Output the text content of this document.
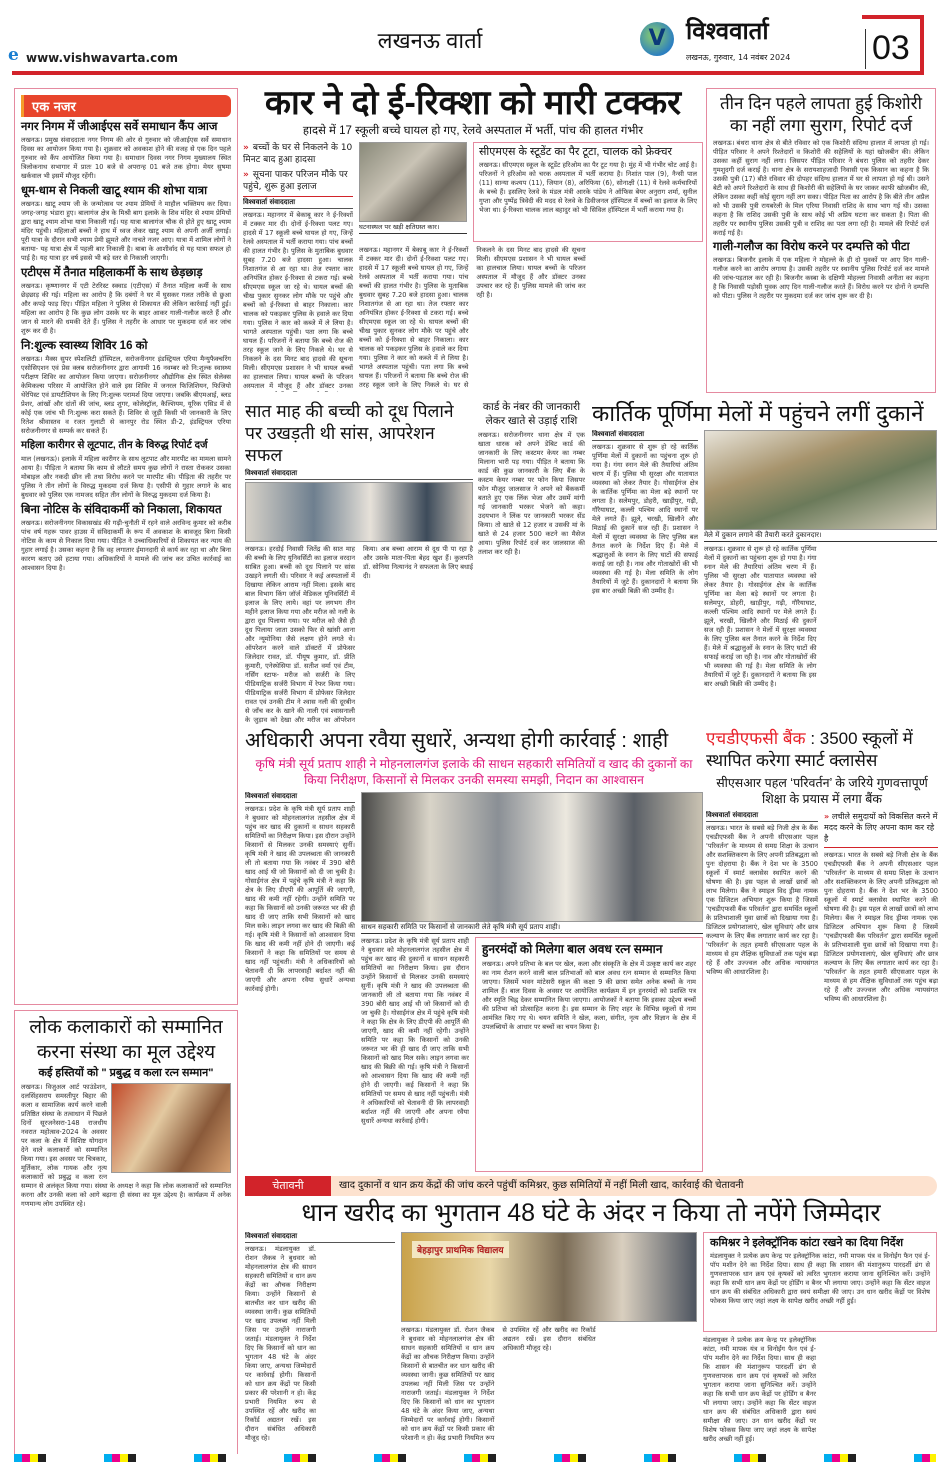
e www.vishwavarta.com
लखनऊ वार्ता	V विश्ववार्ता
लखनऊ, गुरुवार, 14 नवंबर 2024 03
एक नजर
नगर निगम में जीआईएस सर्वे समाधान कैंप आज
लखनऊ। प्रमुख संवाददाता नगर निगम की ओर से गुरुवार को जीआईएस सर्वे समाधान दिवस का आयोजन किया गया है। शुक्रवार को अवकाश होने की वजह से एक दिन पहले गुरुवार को कैंप आयोजित किया गया है। समाधान दिवस नगर निगम मुख्यालय स्थित त्रिलोकनाथ सभागार में प्रातः 10 बजे से अपरान्ह 01 बजे तक होगा। मेयर सुषमा खर्कवाल भी इसमें मौजूद रहेंगी।
धूम-धाम से निकली खाटू श्याम की शोभा यात्रा
लखनऊ। खाटू श्याम जी के जन्मोत्सव पर श्याम प्रेमियों ने माहौल भक्तिमय कर दिया। जगह-जगह भंडारा हुए। बालागंज क्षेत्र के मिश्री बाग इलाके के शिव मंदिर से श्याम प्रेमियों द्वारा खाटू श्याम शोभा यात्रा निकाली गई। यह यात्रा बालागंज चौक से होते हुए खाटू श्याम मंदिर पहुंची। महिलाओं बच्चों ने हाथ में ध्वज लेकर खाटू श्याम से अपनी अर्जी लगाई। पूरी यात्रा के दौरान सभी श्याम प्रेमी झूमते और नाचते नजर आए। यात्रा में शामिल लोगों ने बताया- यह यात्रा क्षेत्र में पहली बार निकाली है। बाबा के आशीर्वाद से यह यात्रा सफल हो पाई है। यह यात्रा हर वर्ष इससे भी बड़े स्तर से निकाली जाएगी।
एटीएस में तैनात महिलाकर्मी के साथ छेड़छाड़
लखनऊ। कृष्णानगर में एटी टेररिस्ट स्क्वाड (एटीएस) में तैनात महिला कर्मी के साथ छेड़छाड़ की गई। महिला का आरोप है कि दबंगों ने घर में घुसकर गलत तरीके से छुआ और कपड़े फाड़ दिए। पीड़ित महिला ने पुलिस से शिकायत की लेकिन कार्रवाई नहीं हुई। महिला का आरोप है कि कुछ लोग उसके घर के बाहर आकर गाली-गलौज करते हैं और जान से मारने की धमकी देते हैं। पुलिस ने तहरीर के आधार पर मुकदमा दर्ज कर जांच शुरू कर दी है।
नि:शुल्क स्वास्थ्य शिविर 16 को
लखनऊ। मैक्स सुपर स्पेशलिटी हॉस्पिटल, सरोजनीनगर इंडस्ट्रियल एरिया मैन्युफैक्चरिंग एसोसिएशन एवं प्रेस क्लब सरोजनीनगर द्वारा आगामी 16 नवम्बर को नि:शुल्क स्वास्थ्य परीक्षण शिविर का आयोजन किया जाएगा। सरोजनीनगर औद्योगिक क्षेत्र स्थित सेलेक्स केमिकल्स परिसर में आयोजित होने वाले इस शिविर में जनरल फिजिशियन, फिजियो थेरेपिस्ट एवं डायटीशियन के लिए नि:शुल्क परामर्श दिया जाएगा। जबकि बीएमआई, ब्लड प्रेशर, आंखों और दांतों की जांच, ब्लड शुगर, कोलेस्ट्रॉल, कैल्शियम, यूरिक एसिड में से कोई एक जांच भी नि:शुल्क करा सकते हैं। शिविर से जुड़ी किसी भी जानकारी के लिए रितेश श्रीवास्तव व रजत गुलाटी से कानपुर रोड स्थित डी-2, इंडस्ट्रियल एरिया सरोजनीनगर से सम्पर्क कर सकते हैं।
महिला कारीगर से लूटपाट, तीन के विरुद्ध रिपोर्ट दर्ज
माल (लखनऊ)। इलाके में महिला कारीगर के साथ लूटपाट और मारपीट का मामला सामने आया है। पीड़िता ने बताया कि काम से लौटते समय कुछ लोगों ने रास्ता रोककर उसका मोबाइल और नकदी छीन ली तथा विरोध करने पर मारपीट की। पीड़िता की तहरीर पर पुलिस ने तीन लोगों के विरुद्ध मुकदमा दर्ज किया है। एसीपी से गुहार लगाने के बाद बुधवार को पुलिस एक नामजद सहित तीन लोगों के विरुद्ध मुकदमा दर्ज किया है।
बिना नोटिस के संविदाकर्मी को निकाला, शिकायत
लखनऊ। सरोजनीनगर विकासखंड की गढ़ी-चुनौती में रहने वाले अरविन्द कुमार को करीब पांच वर्ष गहरू पावर हाउस में संविदाकर्मी के रूप में अवकाश के बावजूद बिना किसी नोटिस के काम से निकाल दिया गया। पीड़ित ने उच्चाधिकारियों से शिकायत कर न्याय की गुहार लगाई है। उसका कहना है कि वह लगातार ईमानदारी से कार्य कर रहा था और बिना कारण बताए उसे हटाया गया। अधिकारियों ने मामले की जांच कर उचित कार्रवाई का आश्वासन दिया है।
लोक कलाकारों को सम्मानित करना संस्था का मूल उद्देश्य
कई हस्तियों को " प्रबुद्ध व कला रत्न सम्मान"
लखनऊ। विजुअल आर्ट फाउंडेशन, दलसिंहसराय समस्तीपुर बिहार की कला व सामाजिक कार्य करने वाली प्रतिष्ठित संस्था के तत्वाधान में पिछले दिनों सूरजनेसरा-148 राजधीय नवरात महोत्सव-2024 के अवसर पर कला के क्षेत्र में विशिष्ट योगदान देने वाले कलाकारों को सम्मानित किया गया। इस अवसर पर चित्रकार, मूर्तिकार, लोक गायक और नृत्य कलाकारों को प्रबुद्ध व कला रत्न सम्मान से अलंकृत किया गया। संस्था के अध्यक्ष ने कहा कि लोक कलाकारों को सम्मानित करना और उनकी कला को आगे बढ़ाना ही संस्था का मूल उद्देश्य है। कार्यक्रम में अनेक गणमान्य लोग उपस्थित रहे।
कार ने दो ई-रिक्शा को मारी टक्कर
हादसे में 17 स्कूली बच्चे घायल हो गए, रेलवे अस्पताल में भर्ती, पांच की हालत गंभीर
» बच्चों के घर से निकलने के 10 मिनट बाद हुआ हादसा
» सूचना पाकर परिजन मौके पर पहुंचे, शुरू हुआ इलाज
विश्ववार्ता संवाददाता
लखनऊ। महानगर में बेकाबू कार ने ई-रिक्शों में टक्कर मार दी। दोनों ई-रिक्शा पलट गए। हादसे में 17 स्कूली बच्चे घायल हो गए, जिन्हें रेलवे अस्पताल में भर्ती कराया गया। पांच बच्चों की हालत गंभीर है। पुलिस के मुताबिक बुधवार सुबह 7.20 बजे हादसा हुआ। चालक निशातगंज से आ रहा था। तेज रफ्तार कार अनियंत्रित होकर ई-रिक्शा से टकरा गई। बच्चे सीएमएस स्कूल जा रहे थे। घायल बच्चों की चीख पुकार सुनकर लोग मौके पर पहुंचे और बच्चों को ई-रिक्शा से बाहर निकाला। कार चालक को पकड़कर पुलिस के हवाले कर दिया गया। पुलिस ने कार को कब्जे में ले लिया है। भागते अस्पताल पहुंची। पता लगा कि बच्चे घायल हैं। परिजनों ने बताया कि बच्चे रोज की तरह स्कूल जाने के लिए निकले थे। घर से निकलने के दस मिनट बाद हादसे की सूचना मिली। सीएमएस प्रशासन ने भी घायल बच्चों का हालचाल लिया। घायल बच्चों के परिजन अस्पताल में मौजूद हैं और डॉक्टर उनका
घटनास्थल पर खड़ी क्षतिग्रस्त कार।
सीएमएस के स्टूडेंट का पैर टूटा, चालक को फ्रेक्चर
लखनऊ। सीएमएस स्कूल के स्टूडेंट हरिओम का पैर टूट गया है। मुंह में भी गंभीर चोट आई है। परिजनों ने हरिओम को चरक अस्पताल में भर्ती कराया है। निशांत पाल (9), नैन्सी पाल (11) सान्या कश्यप (11), जियान (8), अरिफिया (6), सोनाक्षी (11) ये रेलवे कर्मचारियों के बच्चे हैं। इसलिए रेलवे के मंडल मंत्री आरके पांडेय ने ऑफिस बेयर अनुराग शर्मा, सुनील गुप्ता और पुष्पेंद्र त्रिवेदी की मदद से रेलवे के डिवीजनल हॉस्पिटल में बच्चों का इलाज के लिए भेजा था। ई-रिक्शा चालक लाल बहादुर को भी सिविल हॉस्पिटल में भर्ती कराया गया है।
लखनऊ। महानगर में बेकाबू कार ने ई-रिक्शों में टक्कर मार दी। दोनों ई-रिक्शा पलट गए। हादसे में 17 स्कूली बच्चे घायल हो गए, जिन्हें रेलवे अस्पताल में भर्ती कराया गया। पांच बच्चों की हालत गंभीर है। पुलिस के मुताबिक बुधवार सुबह 7.20 बजे हादसा हुआ। चालक निशातगंज से आ रहा था। तेज रफ्तार कार अनियंत्रित होकर ई-रिक्शा से टकरा गई। बच्चे सीएमएस स्कूल जा रहे थे। घायल बच्चों की चीख पुकार सुनकर लोग मौके पर पहुंचे और बच्चों को ई-रिक्शा से बाहर निकाला। कार चालक को पकड़कर पुलिस के हवाले कर दिया गया। पुलिस ने कार को कब्जे में ले लिया है। भागते अस्पताल पहुंची। पता लगा कि बच्चे घायल हैं। परिजनों ने बताया कि बच्चे रोज की तरह स्कूल जाने के लिए निकले थे। घर से निकलने के दस मिनट बाद हादसे की सूचना मिली। सीएमएस प्रशासन ने भी घायल बच्चों का हालचाल लिया। घायल बच्चों के परिजन अस्पताल में मौजूद हैं और डॉक्टर उनका उपचार कर रहे हैं। पुलिस मामले की जांच कर रही है।
तीन दिन पहले लापता हुई किशोरी का नहीं लगा सुराग, रिपोर्ट दर्ज
लखनऊ। बंथरा थाना क्षेत्र से बीते रविवार को एक किशोरी संदिग्ध हालात में लापता हो गई। पीड़ित परिवार ने अपने रिश्तेदारों व किशोरी की सहेलियों के यहां खोजबीन की। लेकिन उसका कहीं सुराग नहीं लगा। जिसपर पीड़ित परिवार ने बंथरा पुलिस को तहरीर देकर गुमशुदगी दर्ज कराई है। थाना क्षेत्र के सरायशाहजादी निवासी एक किसान का कहना है कि उसकी पुत्री (17) बीते रविवार की दोपहर संदिग्ध हालात में घर से लापता हो गई थी। उसने बेटी को अपने रिश्तेदारों के साथ ही किशोरी की सहेलियों के घर जाकर काफी खोजबीन की, लेकिन उसका कहीं कोई सुराग नहीं लग सका। पीड़ित पिता का आरोप है कि बीते तीन अप्रैल को भी उसकी पुत्री रायबरेली के मिल एरिया निवासी राशिद के साथ भाग गई थी। उसका कहना है कि राशिद उसकी पुत्री के साथ कोई भी अप्रिय घटना कर सकता है। पिता की तहरीर पर स्थानीय पुलिस उसकी पुत्री व राशिद का पता लगा रही है। मामले की रिपोर्ट दर्ज कराई गई है।
गाली-गलौज का विरोध करने पर दम्पत्ति को पीटा
लखनऊ। बिजनौर इलाके में एक महिला ने मोहल्ले के ही दो युवकों पर आए दिन गाली-गलौज करने का आरोप लगाया है। उसकी तहरीर पर स्थानीय पुलिस रिपोर्ट दर्ज कर मामले की जांच-पड़ताल कर रही है। बिजनौर कस्बा के दक्षिणी मोहल्ला निवासी अनीता का कहना है कि निवासी पड़ोसी युवक आए दिन गाली-गलौज करते हैं। विरोध करने पर दोनों ने दम्पत्ति को पीटा। पुलिस ने तहरीर पर मुकदमा दर्ज कर जांच शुरू कर दी है।
सात माह की बच्ची को दूध पिलाने पर उखड़ती थी सांस, आपरेशन सफल
विश्ववार्ता संवाददाता
लखनऊ। हरदोई निवासी जितेंद्र की सात माह की बच्ची के लिए यूनिवर्सिटी का इलाज वरदान साबित हुआ। बच्ची को दूध पिलाने पर सांस उखड़ने लगती थी। परिवार ने कई अस्पतालों में दिखाया लेकिन आराम नहीं मिला। इसके बाद बाल विभाग किंग जॉर्ज मेडिकल यूनिवर्सिटी में इलाज के लिए लाये। वहां पर लगभग तीन महीने इलाज किया गया और मरीज को नली के द्वारा दूध पिलाया गया। पर मरीज को जैसे ही दूध पिलाया जाता उसको फिर से खांसी आना और न्यूमोनिया जैसे लक्षण होने लगते थे। ऑपरेशन करने वाले डॉक्टरों में प्रोफेसर जिलेदार रावत, डॉ. पीयूष कुमार, डॉ. प्रीति कुमारी, एनेस्थेसिया डॉ. सतीश वर्मा एवं टीम, नर्सिंग स्टाफ- मरीज को सर्जरी के लिए पीडियाट्रिक सर्जरी विभाग में रेफर किया गया। पीडियाट्रिक सर्जरी विभाग में प्रोफेसर जिलेदार रावत एवं उनकी टीम ने श्वास नली की दूरबीन से जाँच कर के खाने की नाली एवं श्वासनाली के जुड़ाव को देखा और मरीज का ऑपरेशन किया। अब बच्चा आराम से दूध पी पा रहा है और उसके माता-पिता बेहद खुश हैं। कुलपति डॉ. सोनिया नित्यानंद ने सफलता के लिए बधाई दी।
कार्ड के नंबर की जानकारी लेकर खाते से उड़ाई राशि
लखनऊ। सरोजनीनगर थाना क्षेत्र में एक खाता धारक को अपने डेबिट कार्ड की जानकारी के लिए कस्टमर केयर का नम्बर मिलाना भारी पड़ गया। पीड़ित ने बताया कि कार्ड की कुछ जानकारी के लिए बैंक के कस्टम केयर नम्बर पर फोन किया जिसपर फोन मौजूद जालसाज ने अपने को बैंककर्मी बताते हुए एक लिंक भेजा और उसमें मांगी गई जानकारी भरकर भेजने को कहा। उदयभान ने लिंक पर जानकारी भरकर सेंड किया। तो खाते से 12 हजार व उसकी मां के खाते से 24 हजार 500 कटने का मैसेज आया। पुलिस रिपोर्ट दर्ज कर जालसाज की तलाश कर रही है।
कार्तिक पूर्णिमा मेलों में पहुंचने लगीं दुकानें
विश्ववार्ता संवाददाता
लखनऊ। शुक्रवार से शुरू हो रहे कार्तिक पूर्णिमा मेलों में दुकानों का पहुंचना शुरू हो गया है। गंगा स्नान मेले की तैयारियां अंतिम चरण में हैं। पुलिस भी सुरक्षा और यातायात व्यवस्था को लेकर तैयार है। गोसाईंगंज क्षेत्र के कार्तिक पूर्णिमा का मेला बड़े स्थानों पर लगता है। सलेमपुर, डोहरी, खाड़ीपुर, गढ़ी, गौरैयाघाट, कल्ली पश्चिम आदि स्थानों पर मेले लगते हैं। झूले, चरखी, खिलौने और मिठाई की दुकानें सज रही हैं। प्रशासन ने मेलों में सुरक्षा व्यवस्था के लिए पुलिस बल तैनात करने के निर्देश दिए हैं। मेले में श्रद्धालुओं के स्नान के लिए घाटों की सफाई कराई जा रही है। नाव और गोताखोरों की भी व्यवस्था की गई है। मेला समिति के लोग तैयारियों में जुटे हैं। दुकानदारों ने बताया कि इस बार अच्छी बिक्री की उम्मीद है।
मेले में दुकान लगाने की तैयारी करते दुकानदार।
लखनऊ। शुक्रवार से शुरू हो रहे कार्तिक पूर्णिमा मेलों में दुकानों का पहुंचना शुरू हो गया है। गंगा स्नान मेले की तैयारियां अंतिम चरण में हैं। पुलिस भी सुरक्षा और यातायात व्यवस्था को लेकर तैयार है। गोसाईंगंज क्षेत्र के कार्तिक पूर्णिमा का मेला बड़े स्थानों पर लगता है। सलेमपुर, डोहरी, खाड़ीपुर, गढ़ी, गौरैयाघाट, कल्ली पश्चिम आदि स्थानों पर मेले लगते हैं। झूले, चरखी, खिलौने और मिठाई की दुकानें सज रही हैं। प्रशासन ने मेलों में सुरक्षा व्यवस्था के लिए पुलिस बल तैनात करने के निर्देश दिए हैं। मेले में श्रद्धालुओं के स्नान के लिए घाटों की सफाई कराई जा रही है। नाव और गोताखोरों की भी व्यवस्था की गई है। मेला समिति के लोग तैयारियों में जुटे हैं। दुकानदारों ने बताया कि इस बार अच्छी बिक्री की उम्मीद है।
अधिकारी अपना रवैया सुधारें, अन्यथा होगी कार्रवाई : शाही
कृषि मंत्री सूर्य प्रताप शाही ने मोहनलालगंज इलाके की साधन सहकारी समितियों व खाद की दुकानों का किया निरीक्षण, किसानों से मिलकर उनकी समस्या समझी, निदान का आश्वासन
विश्ववार्ता संवाददाता
लखनऊ। प्रदेश के कृषि मंत्री सूर्य प्रताप शाही ने बुधवार को मोहनलालगंज तहसील क्षेत्र में पहुंच कर खाद की दुकानों व साधन सहकारी समितियों का निरीक्षण किया। इस दौरान उन्होंने किसानों से मिलकर उनकी समस्याएं सुनीं। कृषि मंत्री ने खाद की उपलब्धता की जानकारी ली तो बताया गया कि नवंबर में 390 बोरी खाद आई थी जो किसानों को दी जा चुकी है। गोसाईंगंज क्षेत्र में पहुंचे कृषि मंत्री ने कहा कि क्षेत्र के लिए डीएपी की आपूर्ति की जाएगी, खाद की कमी नहीं रहेगी। उन्होंने समिति पर कहा कि किसानों को उनकी जरूरत भर की ही खाद दी जाए ताकि सभी किसानों को खाद मिल सके। लाइन लगवा कर खाद की बिक्री की गई। कृषि मंत्री ने किसानों को आश्वासन दिया कि खाद की कमी नहीं होने दी जाएगी। कई किसानों ने कहा कि समितियों पर समय से खाद नहीं पहुंचती। मंत्री ने अधिकारियों को चेतावनी दी कि लापरवाही बर्दाश्त नहीं की जाएगी और अपना रवैया सुधारें अन्यथा कार्रवाई होगी।
साधन सहकारी समिति पर किसानों से जानकारी लेते कृषि मंत्री सूर्य प्रताप शाही।
लखनऊ। प्रदेश के कृषि मंत्री सूर्य प्रताप शाही ने बुधवार को मोहनलालगंज तहसील क्षेत्र में पहुंच कर खाद की दुकानों व साधन सहकारी समितियों का निरीक्षण किया। इस दौरान उन्होंने किसानों से मिलकर उनकी समस्याएं सुनीं। कृषि मंत्री ने खाद की उपलब्धता की जानकारी ली तो बताया गया कि नवंबर में 390 बोरी खाद आई थी जो किसानों को दी जा चुकी है। गोसाईंगंज क्षेत्र में पहुंचे कृषि मंत्री ने कहा कि क्षेत्र के लिए डीएपी की आपूर्ति की जाएगी, खाद की कमी नहीं रहेगी। उन्होंने समिति पर कहा कि किसानों को उनकी जरूरत भर की ही खाद दी जाए ताकि सभी किसानों को खाद मिल सके। लाइन लगवा कर खाद की बिक्री की गई। कृषि मंत्री ने किसानों को आश्वासन दिया कि खाद की कमी नहीं होने दी जाएगी। कई किसानों ने कहा कि समितियों पर समय से खाद नहीं पहुंचती। मंत्री ने अधिकारियों को चेतावनी दी कि लापरवाही बर्दाश्त नहीं की जाएगी और अपना रवैया सुधारें अन्यथा कार्रवाई होगी।
हुनरमंदों को मिलेगा बाल अवध रत्न सम्मान
लखनऊ। अपने प्रतिभा के बल पर खेल, कला और संस्कृति के क्षेत्र में उत्कृष्ट कार्य कर शहर का नाम रोशन करने वाली बाल प्रतिभाओं को बाल अवध रत्न सम्मान से सम्मानित किया जाएगा। जिसमें भवन मांटेसरी स्कूल की कक्षा 9 की छात्रा समेत अनेक बच्चों के नाम शामिल हैं। बाल दिवस के अवसर पर आयोजित कार्यक्रम में इन हुनरमंदों को प्रशस्ति पत्र और स्मृति चिह्न देकर सम्मानित किया जाएगा। आयोजकों ने बताया कि इसका उद्देश्य बच्चों की प्रतिभा को प्रोत्साहित करना है। इस सम्मान के लिए शहर के विभिन्न स्कूलों से नाम आमंत्रित किए गए थे। चयन समिति ने खेल, कला, संगीत, नृत्य और विज्ञान के क्षेत्र में उपलब्धियों के आधार पर बच्चों का चयन किया है।
एचडीएफसी बैंक : 3500 स्कूलों में स्थापित करेगा स्मार्ट क्लासेस
सीएसआर पहल ‘परिवर्तन’ के जरिये गुणवत्तापूर्ण शिक्षा के प्रयास में लगा बैंक
विश्ववार्ता संवाददाता
लखनऊ। भारत के सबसे बड़े निजी क्षेत्र के बैंक एचडीएफसी बैंक ने अपनी सीएसआर पहल 'परिवर्तन' के माध्यम से समग्र शिक्षा के उत्थान और सशक्तिकरण के लिए अपनी प्रतिबद्धता को पुनः दोहराया है। बैंक ने देश भर के 3500 स्कूलों में स्मार्ट क्लासेस स्थापित करने की घोषणा की है। इस पहल से लाखों छात्रों को लाभ मिलेगा। बैंक ने स्माइल विद ड्रीम्स नामक एक डिजिटल अभियान शुरू किया है जिसमें 'एचडीएफसी बैंक परिवर्तन' द्वारा समर्थित स्कूलों के प्रतिभाशाली युवा छात्रों को दिखाया गया है। डिजिटल प्रयोगशालाएं, खेल सुविधाएं और छात्र कल्याण के लिए बैंक लगातार कार्य कर रहा है। 'परिवर्तन' के तहत हमारी सीएसआर पहल के माध्यम से हम शैक्षिक सुविधाओं तक पहुंच बढ़ा रहे हैं और उज्ज्वल और अधिक न्यायसंगत भविष्य की आधारशिला है।
» लचीले समुदायों को विकसित करने में मदद करने के लिए अपना काम कर रहे है
लखनऊ। भारत के सबसे बड़े निजी क्षेत्र के बैंक एचडीएफसी बैंक ने अपनी सीएसआर पहल 'परिवर्तन' के माध्यम से समग्र शिक्षा के उत्थान और सशक्तिकरण के लिए अपनी प्रतिबद्धता को पुनः दोहराया है। बैंक ने देश भर के 3500 स्कूलों में स्मार्ट क्लासेस स्थापित करने की घोषणा की है। इस पहल से लाखों छात्रों को लाभ मिलेगा। बैंक ने स्माइल विद ड्रीम्स नामक एक डिजिटल अभियान शुरू किया है जिसमें 'एचडीएफसी बैंक परिवर्तन' द्वारा समर्थित स्कूलों के प्रतिभाशाली युवा छात्रों को दिखाया गया है। डिजिटल प्रयोगशालाएं, खेल सुविधाएं और छात्र कल्याण के लिए बैंक लगातार कार्य कर रहा है। 'परिवर्तन' के तहत हमारी सीएसआर पहल के माध्यम से हम शैक्षिक सुविधाओं तक पहुंच बढ़ा रहे हैं और उज्ज्वल और अधिक न्यायसंगत भविष्य की आधारशिला है।
चेतावनी	खाद दुकानों व धान क्रय केंद्रों की जांच करने पहुंचीं कमिश्नर, कुछ समितियों में नहीं मिली खाद, कार्रवाई की चेतावनी
धान खरीद का भुगतान 48 घंटे के अंदर न किया तो नपेंगे जिम्मेदार
विश्ववार्ता संवाददाता
लखनऊ। मंडलायुक्त डॉ. रोशन जैकब ने बुधवार को मोहनलालगंज क्षेत्र की साधन सहकारी समितियों व धान क्रय केंद्रों का औचक निरीक्षण किया। उन्होंने किसानों से बातचीत कर धान खरीद की व्यवस्था जानी। कुछ समितियों पर खाद उपलब्ध नहीं मिली जिस पर उन्होंने नाराजगी जताई। मंडलायुक्त ने निर्देश दिए कि किसानों को धान का भुगतान 48 घंटे के अंदर किया जाए, अन्यथा जिम्मेदारों पर कार्रवाई होगी। किसानों को धान क्रय केंद्रों पर किसी प्रकार की परेशानी न हो। केंद्र प्रभारी नियमित रूप से उपस्थित रहें और खरीद का रिकॉर्ड अद्यतन रखें। इस दौरान संबंधित अधिकारी मौजूद रहे।
बेहड़ापुर प्राथमिक विद्यालय
लखनऊ। मंडलायुक्त डॉ. रोशन जैकब ने बुधवार को मोहनलालगंज क्षेत्र की साधन सहकारी समितियों व धान क्रय केंद्रों का औचक निरीक्षण किया। उन्होंने किसानों से बातचीत कर धान खरीद की व्यवस्था जानी। कुछ समितियों पर खाद उपलब्ध नहीं मिली जिस पर उन्होंने नाराजगी जताई। मंडलायुक्त ने निर्देश दिए कि किसानों को धान का भुगतान 48 घंटे के अंदर किया जाए, अन्यथा जिम्मेदारों पर कार्रवाई होगी। किसानों को धान क्रय केंद्रों पर किसी प्रकार की परेशानी न हो। केंद्र प्रभारी नियमित रूप से उपस्थित रहें और खरीद का रिकॉर्ड अद्यतन रखें। इस दौरान संबंधित अधिकारी मौजूद रहे।
कमिश्नर ने इलेक्ट्रॉनिक कांटा रखने का दिया निर्देश
मंडलायुक्त ने प्रत्येक क्रय केन्द्र पर इलेक्ट्रॉनिक कांटा, नमी मापक यंत्र व विनोईंग फैन एवं ई-पॉप मशीन देने का निर्देश दिया। साथ ही कहा कि शासन की मंशानुरूप पारदर्शी ढंग से गुणवत्तापरक धान क्रय एवं कृषकों को त्वरित भुगतान कराया जाना सुनिश्चित करें। उन्होंने कहा कि सभी धान क्रय केंद्रों पर होर्डिंग व बैनर भी लगाया जाए। उन्होंने कहा कि सेंटर वाइज धान क्रय की संबंधित अधिकारी द्वारा स्वयं समीक्षा की जाए। उन धान खरीद केंद्रों पर विशेष फोकस किया जाए जहां लक्ष्य के सापेक्ष खरीद अच्छी नहीं हुई।
मंडलायुक्त ने प्रत्येक क्रय केन्द्र पर इलेक्ट्रॉनिक कांटा, नमी मापक यंत्र व विनोईंग फैन एवं ई-पॉप मशीन देने का निर्देश दिया। साथ ही कहा कि शासन की मंशानुरूप पारदर्शी ढंग से गुणवत्तापरक धान क्रय एवं कृषकों को त्वरित भुगतान कराया जाना सुनिश्चित करें। उन्होंने कहा कि सभी धान क्रय केंद्रों पर होर्डिंग व बैनर भी लगाया जाए। उन्होंने कहा कि सेंटर वाइज धान क्रय की संबंधित अधिकारी द्वारा स्वयं समीक्षा की जाए। उन धान खरीद केंद्रों पर विशेष फोकस किया जाए जहां लक्ष्य के सापेक्ष खरीद अच्छी नहीं हुई।
